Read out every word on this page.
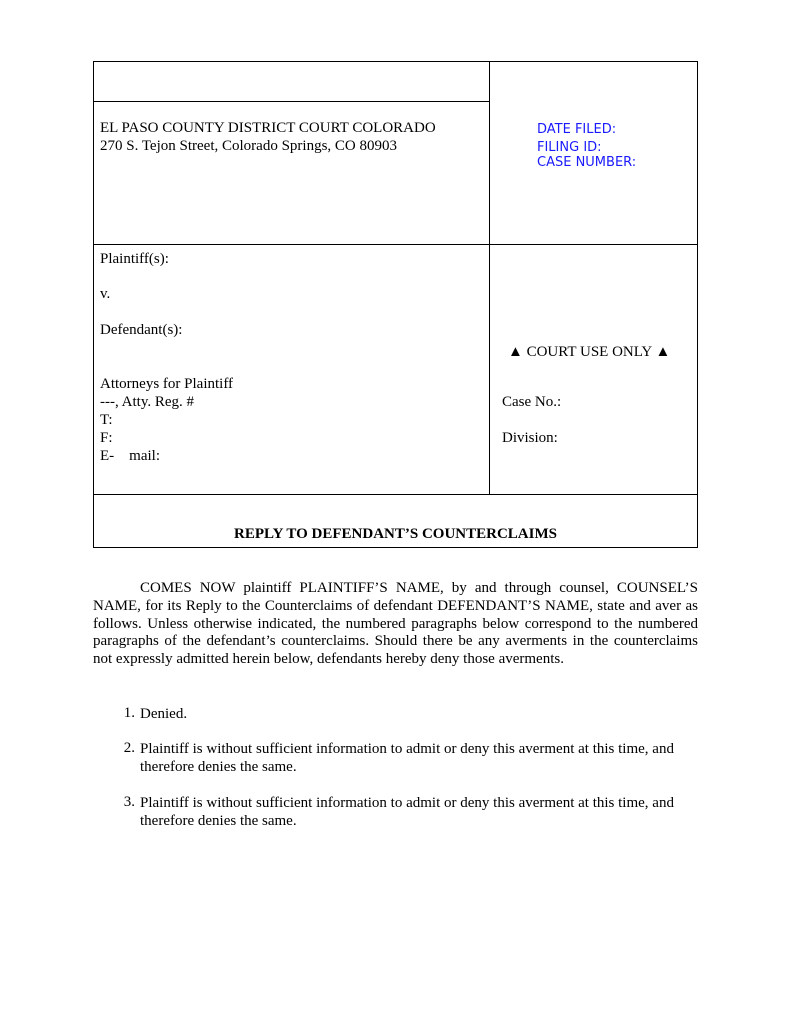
EL PASO COUNTY DISTRICT COURT COLORADO
270 S. Tejon Street, Colorado Springs, CO 80903
DATE FILED:
FILING ID:
CASE NUMBER:
Plaintiff(s):
v.
Defendant(s):
Attorneys for Plaintiff
---, Atty. Reg. #
T:
F:
E-    mail:
▲ COURT USE ONLY ▲
Case No.:
Division:
REPLY TO DEFENDANT’S COUNTERCLAIMS
COMES NOW plaintiff PLAINTIFF’S NAME, by and through counsel, COUNSEL’S NAME, for its Reply to the Counterclaims of defendant DEFENDANT’S NAME, state and aver as follows. Unless otherwise indicated, the numbered paragraphs below correspond to the numbered paragraphs of the defendant’s counterclaims. Should there be any averments in the counterclaims not expressly admitted herein below, defendants hereby deny those averments.
1. Denied.
2. Plaintiff is without sufficient information to admit or deny this averment at this time, and therefore denies the same.
3. Plaintiff is without sufficient information to admit or deny this averment at this time, and therefore denies the same.
